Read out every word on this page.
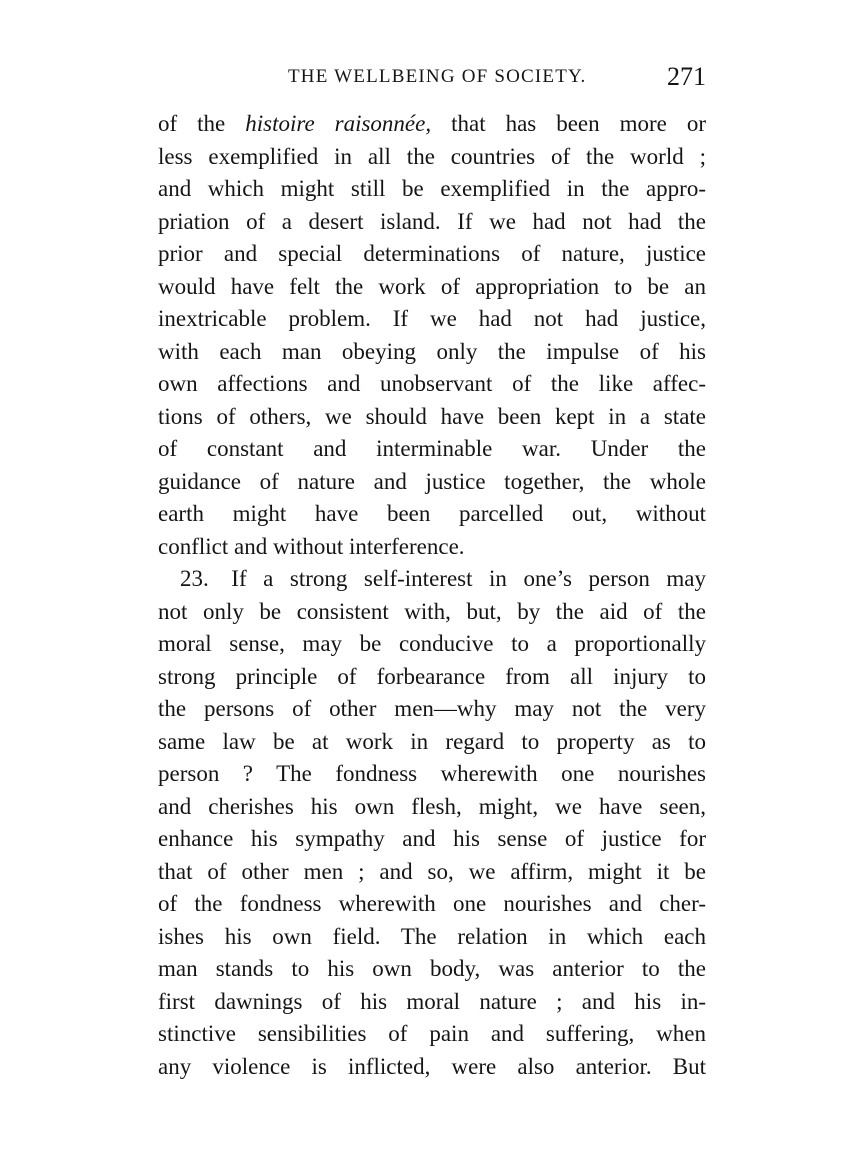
THE WELLBEING OF SOCIETY.	271
of the histoire raisonnée, that has been more or
less exemplified in all the countries of the world ;
and which might still be exemplified in the appro-
priation of a desert island. If we had not had the
prior and special determinations of nature, justice
would have felt the work of appropriation to be an
inextricable problem. If we had not had justice,
with each man obeying only the impulse of his
own affections and unobservant of the like affec-
tions of others, we should have been kept in a state
of constant and interminable war. Under the
guidance of nature and justice together, the whole
earth might have been parcelled out, without
conflict and without interference.
23. If a strong self-interest in one’s person may
not only be consistent with, but, by the aid of the
moral sense, may be conducive to a proportionally
strong principle of forbearance from all injury to
the persons of other men—why may not the very
same law be at work in regard to property as to
person ? The fondness wherewith one nourishes
and cherishes his own flesh, might, we have seen,
enhance his sympathy and his sense of justice for
that of other men ; and so, we affirm, might it be
of the fondness wherewith one nourishes and cher-
ishes his own field. The relation in which each
man stands to his own body, was anterior to the
first dawnings of his moral nature ; and his in-
stinctive sensibilities of pain and suffering, when
any violence is inflicted, were also anterior. But
